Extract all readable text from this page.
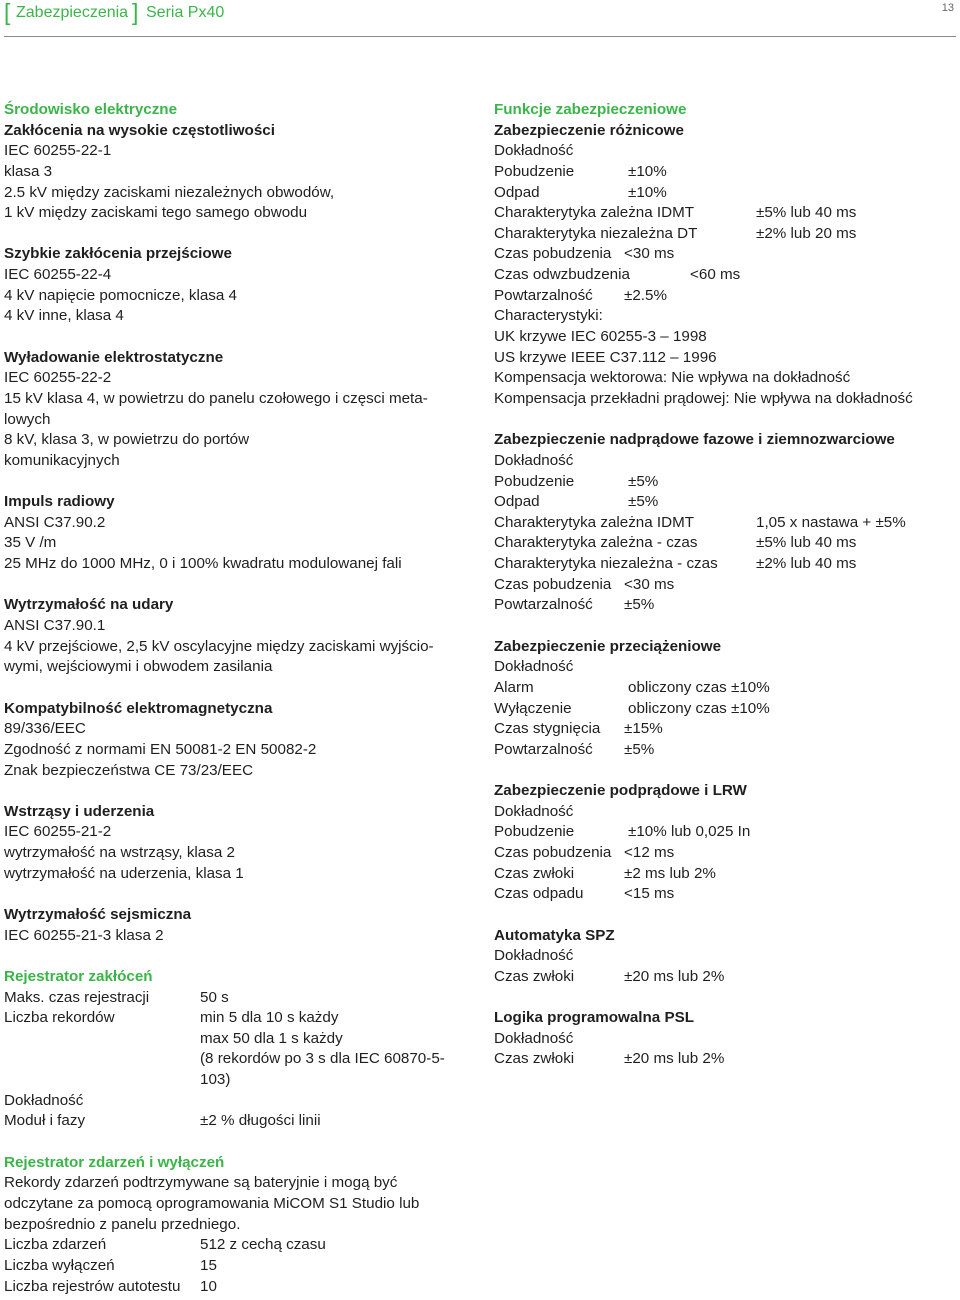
[ Zabezpieczenia ] Seria Px40	13
Środowisko elektryczne
Zakłócenia na wysokie częstotliwości
IEC 60255-22-1
klasa 3
2.5 kV między zaciskami niezależnych obwodów,
1 kV między zaciskami tego samego obwodu
Szybkie zakłócenia przejściowe
IEC 60255-22-4
4 kV napięcie pomocnicze, klasa 4
4 kV inne, klasa 4
Wyładowanie elektrostatyczne
IEC 60255-22-2
15 kV klasa 4, w powietrzu do panelu czołowego i częsci meta-
lowych
8 kV, klasa 3, w powietrzu do portów
komunikacyjnych
Impuls radiowy
ANSI C37.90.2
35 V /m
25 MHz do 1000 MHz, 0 i 100% kwadratu modulowanej fali
Wytrzymałość na udary
ANSI C37.90.1
4 kV przejściowe, 2,5 kV oscylacyjne między zaciskami wyjścio-
wymi, wejściowymi i obwodem zasilania
Kompatybilność elektromagnetyczna
89/336/EEC
Zgodność z normami EN 50081-2 EN 50082-2
Znak bezpieczeństwa CE 73/23/EEC
Wstrząsy i uderzenia
IEC 60255-21-2
wytrzymałość na wstrząsy, klasa 2
wytrzymałość na uderzenia, klasa 1
Wytrzymałość sejsmiczna
IEC 60255-21-3 klasa 2
Rejestrator zakłóceń
Maks. czas rejestracji	50 s
Liczba rekordów	min 5 dla 10 s każdy
max 50 dla 1 s każdy
(8 rekordów po 3 s dla IEC 60870-5-
103)
Dokładność
Moduł i fazy	±2 % długości linii
Rejestrator zdarzeń i wyłączeń
Rekordy zdarzeń podtrzymywane są bateryjnie i mogą być
odczytane za pomocą oprogramowania MiCOM S1 Studio lub
bezpośrednio z panelu przedniego.
Liczba zdarzeń	512 z cechą czasu
Liczba wyłączeń	15
Liczba rejestrów autotestu 10
Funkcje zabezpieczeniowe
Zabezpieczenie różnicowe
Dokładność
Pobudzenie	±10%
Odpad	±10%
Charakterytyka zależna IDMT	±5% lub 40 ms
Charakterytyka niezależna DT	±2% lub 20 ms
Czas pobudzenia <30 ms
Czas odwzbudzenia	<60 ms
Powtarzalność ±2.5%
Characterystyki:
UK krzywe IEC 60255-3 – 1998
US krzywe IEEE C37.112 – 1996
Kompensacja wektorowa: Nie wpływa na dokładność
Kompensacja przekładni prądowej: Nie wpływa na dokładność
Zabezpieczenie nadprądowe fazowe i ziemnozwarciowe
Dokładność
Pobudzenie	±5%
Odpad	±5%
Charakterytyka zależna IDMT	1,05 x nastawa + ±5%
Charakterytyka zależna - czas	±5% lub 40 ms
Charakterytyka niezależna - czas	±2% lub 40 ms
Czas pobudzenia <30 ms
Powtarzalność ±5%
Zabezpieczenie przeciążeniowe
Dokładność
Alarm	obliczony czas ±10%
Wyłączenie	obliczony czas ±10%
Czas stygnięcia ±15%
Powtarzalność ±5%
Zabezpieczenie podprądowe i LRW
Dokładność
Pobudzenie	±10% lub 0,025 In
Czas pobudzenia <12 ms
Czas zwłoki	±2 ms lub 2%
Czas odpadu	<15 ms
Automatyka SPZ
Dokładność
Czas zwłoki	±20 ms lub 2%
Logika programowalna PSL
Dokładność
Czas zwłoki	±20 ms lub 2%
